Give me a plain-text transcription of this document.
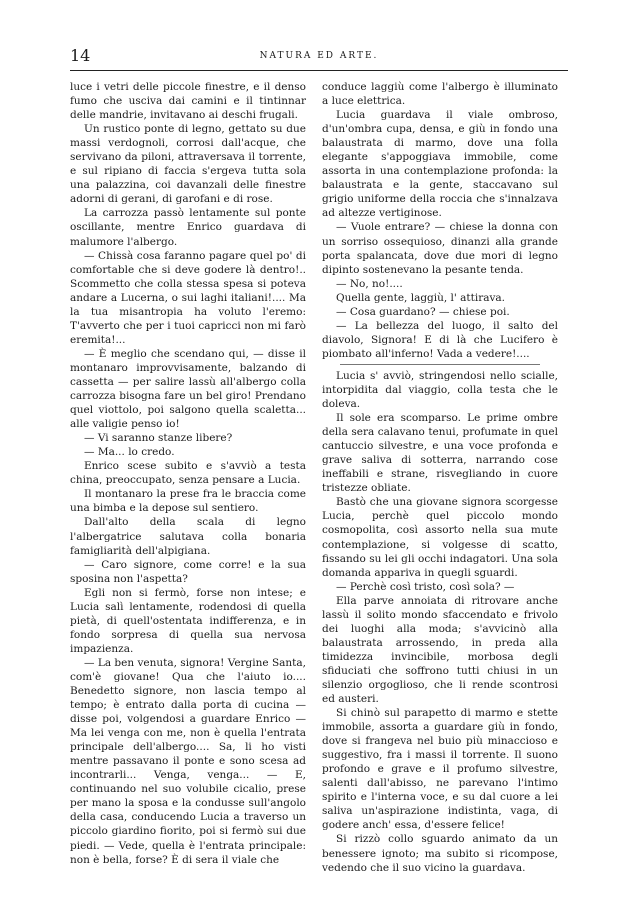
14	NATURA ED ARTE.

luce i vetri delle piccole finestre, e il denso fumo che usciva dai camini e il tintinnar delle mandrie, invitavano ai deschi frugali.

Un rustico ponte di legno, gettato su due massi verdognoli, corrosi dall'acque, che servivano da piloni, attraversava il torrente, e sul ripiano di faccia s'ergeva tutta sola una palazzina, coi davanzali delle finestre adorni di gerani, di garofani e di rose.

La carrozza passò lentamente sul ponte oscillante, mentre Enrico guardava di malumore l'albergo.

— Chissà cosa faranno pagare quel po' di comfortable che si deve godere là dentro!.. Scommetto che colla stessa spesa si poteva andare a Lucerna, o sui laghi italiani!.... Ma la tua misantropia ha voluto l'eremo: T'avverto che per i tuoi capricci non mi farò eremita!...

— È meglio che scendano qui, — disse il montanaro improvvisamente, balzando di cassetta — per salire lassù all'albergo colla carrozza bisogna fare un bel giro! Prendano quel viottolo, poi salgono quella scaletta... alle valigie penso io!

— Vi saranno stanze libere?

— Ma... lo credo.

Enrico scese subito e s'avviò a testa china, preoccupato, senza pensare a Lucia.

Il montanaro la prese fra le braccia come una bimba e la depose sul sentiero.

Dall'alto della scala di legno l'albergatrice salutava colla bonaria famigliarità dell'alpigiana.

— Caro signore, come corre! e la sua sposina non l'aspetta?

Egli non si fermò, forse non intese; e Lucia salì lentamente, rodendosi di quella pietà, di quell'ostentata indifferenza, e in fondo sorpresa di quella sua nervosa impazienza.

— La ben venuta, signora! Vergine Santa, com'è giovane! Qua che l'aiuto io.... Benedetto signore, non lascia tempo al tempo; è entrato dalla porta di cucina — disse poi, volgendosi a guardare Enrico — Ma lei venga con me, non è quella l'entrata principale dell'albergo.... Sa, li ho visti mentre passavano il ponte e sono scesa ad incontrarli... Venga, venga... — E, continuando nel suo volubile cicalio, prese per mano la sposa e la condusse sull'angolo della casa, conducendo Lucia a traverso un piccolo giardino fiorito, poi si fermò sui due piedi. — Vede, quella è l'entrata principale: non è bella, forse? È di sera il viale che

conduce laggiù come l'albergo è illuminato a luce elettrica.

Lucia guardava il viale ombroso, d'un'ombra cupa, densa, e giù in fondo una balaustrata di marmo, dove una folla elegante s'appoggiava immobile, come assorta in una contemplazione profonda: la balaustrata e la gente, staccavano sul grigio uniforme della roccia che s'innalzava ad altezze vertiginose.

— Vuole entrare? — chiese la donna con un sorriso ossequioso, dinanzi alla grande porta spalancata, dove due mori di legno dipinto sostenevano la pesante tenda.

— No, no!....

Quella gente, laggiù, l' attirava.

— Cosa guardano? — chiese poi.

— La bellezza del luogo, il salto del diavolo, Signora! E di là che Lucifero è piombato all'inferno! Vada a vedere!....

Lucia s' avviò, stringendosi nello scialle, intorpidita dal viaggio, colla testa che le doleva.

Il sole era scomparso. Le prime ombre della sera calavano tenui, profumate in quel cantuccio silvestre, e una voce profonda e grave saliva di sotterra, narrando cose ineffabili e strane, risvegliando in cuore tristezze obliate.

Bastò che una giovane signora scorgesse Lucia, perchè quel piccolo mondo cosmopolita, così assorto nella sua mute contemplazione, si volgesse di scatto, fissando su lei gli occhi indagatori. Una sola domanda appariva in quegli sguardi.

— Perchè così tristo, così sola? —

Ella parve annoiata di ritrovare anche lassù il solito mondo sfaccendato e frivolo dei luoghi alla moda; s'avvicinò alla balaustrata arrossendo, in preda alla timidezza invincibile, morbosa degli sfiduciati che soffrono tutti chiusi in un silenzio orgoglioso, che li rende scontrosi ed austeri.

Si chinò sul parapetto di marmo e stette immobile, assorta a guardare giù in fondo, dove si frangeva nel buio più minaccioso e suggestivo, fra i massi il torrente. Il suono profondo e grave e il profumo silvestre, salenti dall'abisso, ne parevano l'intimo spirito e l'interna voce, e su dal cuore a lei saliva un'aspirazione indistinta, vaga, di godere anch' essa, d'essere felice!

Si rizzò collo sguardo animato da un benessere ignoto; ma subito si ricompose, vedendo che il suo vicino la guardava.
